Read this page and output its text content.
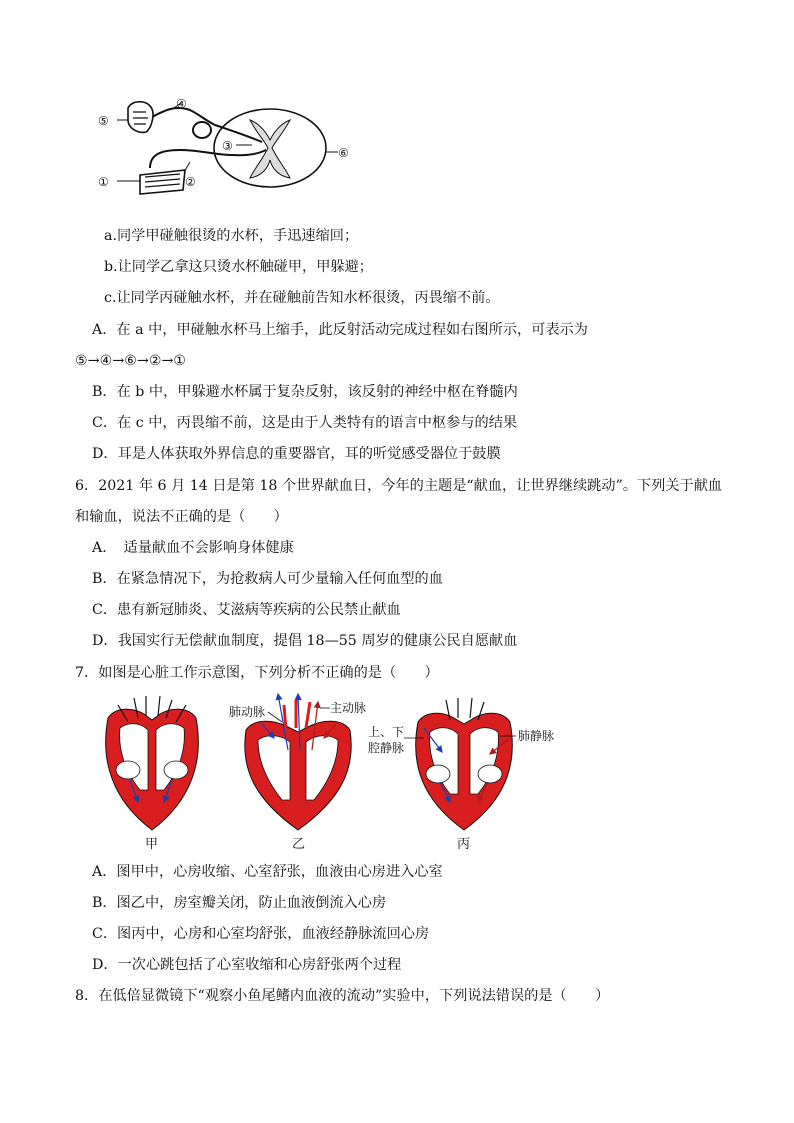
①	②
③
④
⑤
⑥
a.同学甲碰触很烫的水杯，手迅速缩回；
b.让同学乙拿这只烫水杯触碰甲，甲躲避；
c.让同学丙碰触水杯，并在碰触前告知水杯很烫，丙畏缩不前。
A．在 a 中，甲碰触水杯马上缩手，此反射活动完成过程如右图所示，可表示为
⑤→④→⑥→②→①
B．在 b 中，甲躲避水杯属于复杂反射，该反射的神经中枢在脊髓内
C．在 c 中，丙畏缩不前，这是由于人类特有的语言中枢参与的结果
D．耳是人体获取外界信息的重要器官，耳的听觉感受器位于鼓膜
6．2021 年 6 月 14 日是第 18 个世界献血日，今年的主题是“献血，让世界继续跳动”。下列关于献血
和输血，说法不正确的是（　　）
A．　适量献血不会影响身体健康
B．在紧急情况下，为抢救病人可少量输入任何血型的血
C．患有新冠肺炎、艾滋病等疾病的公民禁止献血
D．我国实行无偿献血制度，提倡 18—55 周岁的健康公民自愿献血
7．如图是心脏工作示意图，下列分析不正确的是（　　）
肺动脉	主动脉
上、下
腔静脉
肺静脉
甲	乙	丙
A．图甲中，心房收缩、心室舒张，血液由心房进入心室
B．图乙中，房室瓣关闭，防止血液倒流入心房
C．图丙中，心房和心室均舒张，血液经静脉流回心房
D．一次心跳包括了心室收缩和心房舒张两个过程
8．在低倍显微镜下“观察小鱼尾鳍内血液的流动”实验中，下列说法错误的是（　　）
